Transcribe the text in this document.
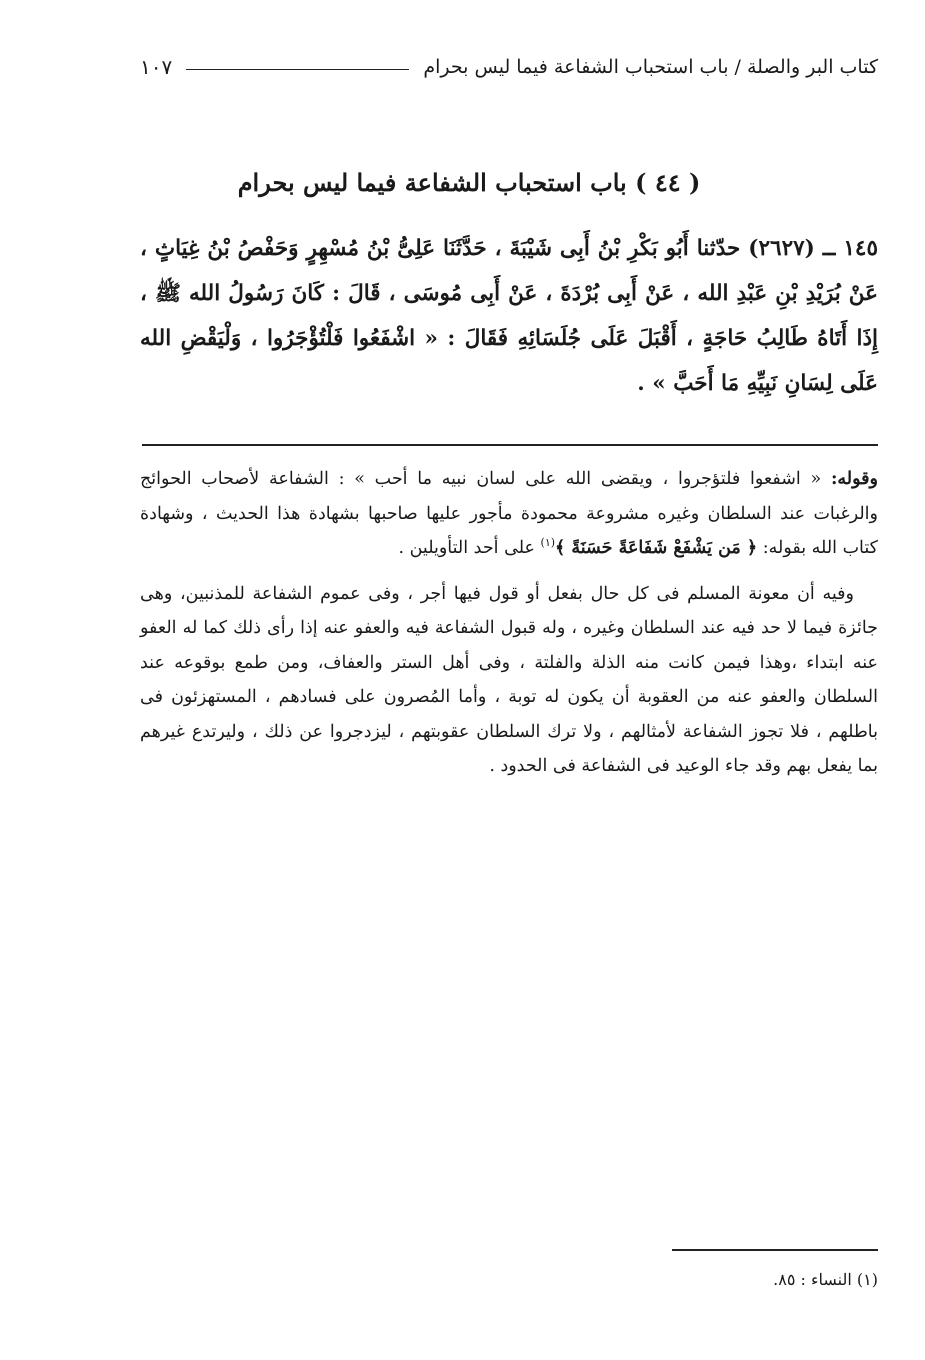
كتاب البر والصلة / باب استحباب الشفاعة فيما ليس بحرام
١٠٧
( ٤٤ ) باب استحباب الشفاعة فيما ليس بحرام
١٤٥ ــ (٢٦٢٧) حدّثنا أَبُو بَكْرِ بْنُ أَبِى شَيْبَةَ ، حَدَّثَنَا عَلِىُّ بْنُ مُسْهِرٍ وَحَفْصُ بْنُ غِيَاثٍ ، عَنْ بُرَيْدِ بْنِ عَبْدِ الله ، عَنْ أَبِى بُرْدَةَ ، عَنْ أَبِى مُوسَى ، قَالَ : كَانَ رَسُولُ الله ﷺ ، إِذَا أَتَاهُ طَالِبُ حَاجَةٍ ، أَقْبَلَ عَلَى جُلَسَائِهِ فَقَالَ : « اشْفَعُوا فَلْتُؤْجَرُوا ، وَلْيَقْضِ الله عَلَى لِسَانِ نَبِيِّهِ مَا أَحَبَّ » .

وقوله: « اشفعوا فلتؤجروا ، ويقضى الله على لسان نبيه ما أحب » : الشفاعة لأصحاب الحوائج والرغبات عند السلطان وغيره مشروعة محمودة مأجور عليها صاحبها بشهادة هذا الحديث ، وشهادة كتاب الله بقوله: ﴿ مَن يَشْفَعْ شَفَاعَةً حَسَنَةً ﴾$^{(١)}$ على أحد التأويلين .

وفيه أن معونة المسلم فى كل حال بفعل أو قول فيها أجر ، وفى عموم الشفاعة للمذنبين، وهى جائزة فيما لا حد فيه عند السلطان وغيره ، وله قبول الشفاعة فيه والعفو عنه إذا رأى ذلك كما له العفو عنه ابتداء ،وهذا فيمن كانت منه الذلة والفلتة ، وفى أهل الستر والعفاف، ومن طمع بوقوعه عند السلطان والعفو عنه من العقوبة أن يكون له توبة ، وأما المُصرون على فسادهم ، المستهزئون فى باطلهم ، فلا تجوز الشفاعة لأمثالهم ، ولا ترك السلطان عقوبتهم ، ليزدجروا عن ذلك ، وليرتدع غيرهم بما يفعل بهم وقد جاء الوعيد فى الشفاعة فى الحدود .

(١) النساء : ٨٥.
